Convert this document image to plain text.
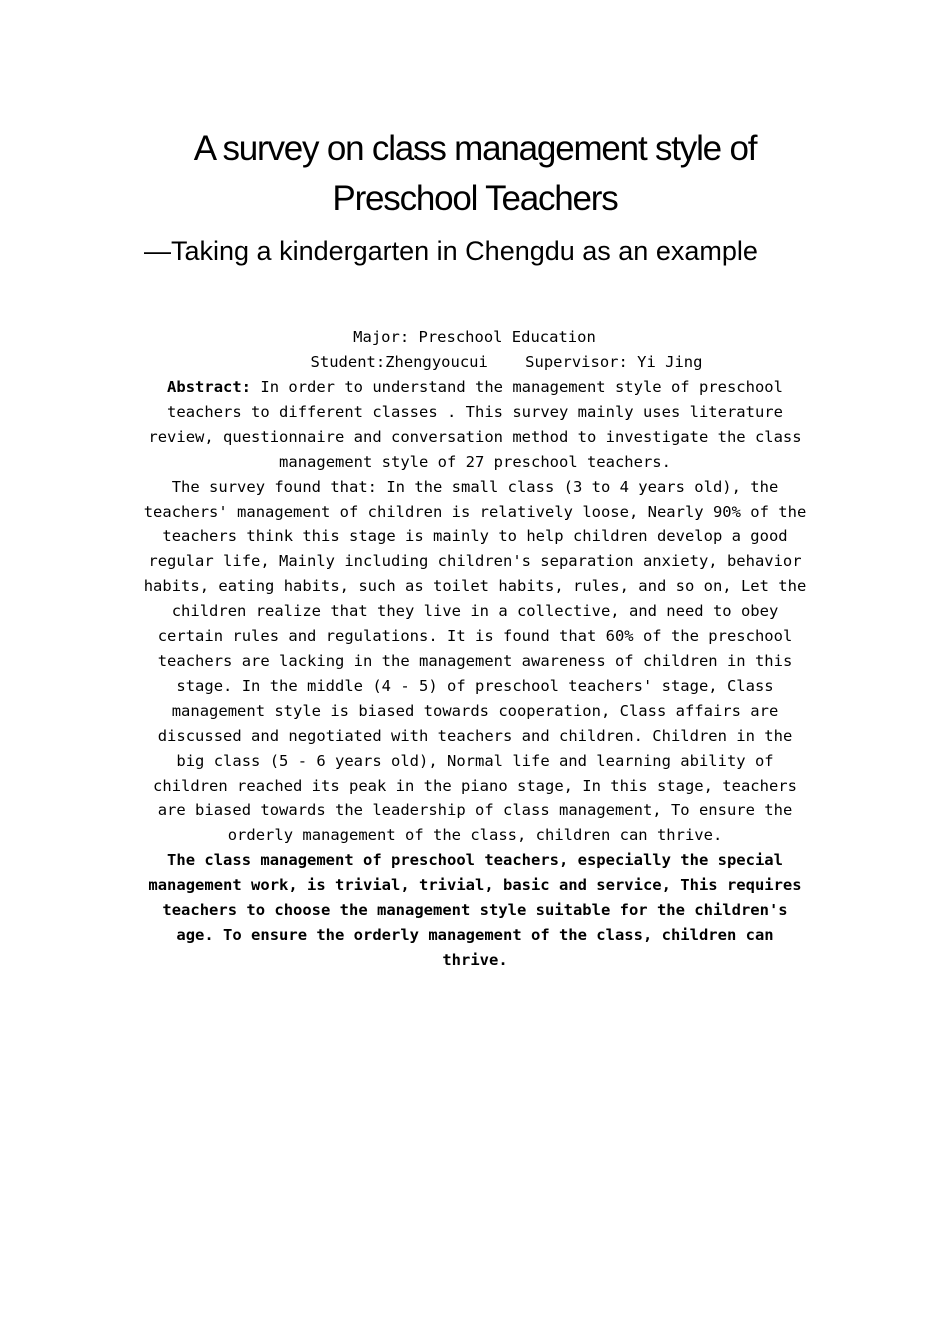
A survey on class management style of
Preschool Teachers

—Taking a kindergarten in Chengdu as an example

Major: Preschool Education

Student:Zhengyoucui    Supervisor: Yi Jing

Abstract: In order to understand the management style of preschool teachers to different classes . This survey mainly uses literature review, questionnaire and conversation method to investigate the class management style of 27 preschool teachers.

The survey found that: In the small class (3 to 4 years old), the teachers' management of children is relatively loose, Nearly 90% of the teachers think this stage is mainly to help children develop a good regular life, Mainly including children's separation anxiety, behavior habits, eating habits, such as toilet habits, rules, and so on, Let the children realize that they live in a collective, and need to obey certain rules and regulations. It is found that 60% of the preschool teachers are lacking in the management awareness of children in this stage. In the middle (4 - 5) of preschool teachers' stage, Class management style is biased towards cooperation, Class affairs are discussed and negotiated with teachers and children. Children in the big class (5 - 6 years old), Normal life and learning ability of children reached its peak in the piano stage, In this stage, teachers are biased towards the leadership of class management, To ensure the orderly management of the class, children can thrive.

The class management of preschool teachers, especially the special management work, is trivial, trivial, basic and service, This requires teachers to choose the management style suitable for the children's age. To ensure the orderly management of the class, children can thrive.
